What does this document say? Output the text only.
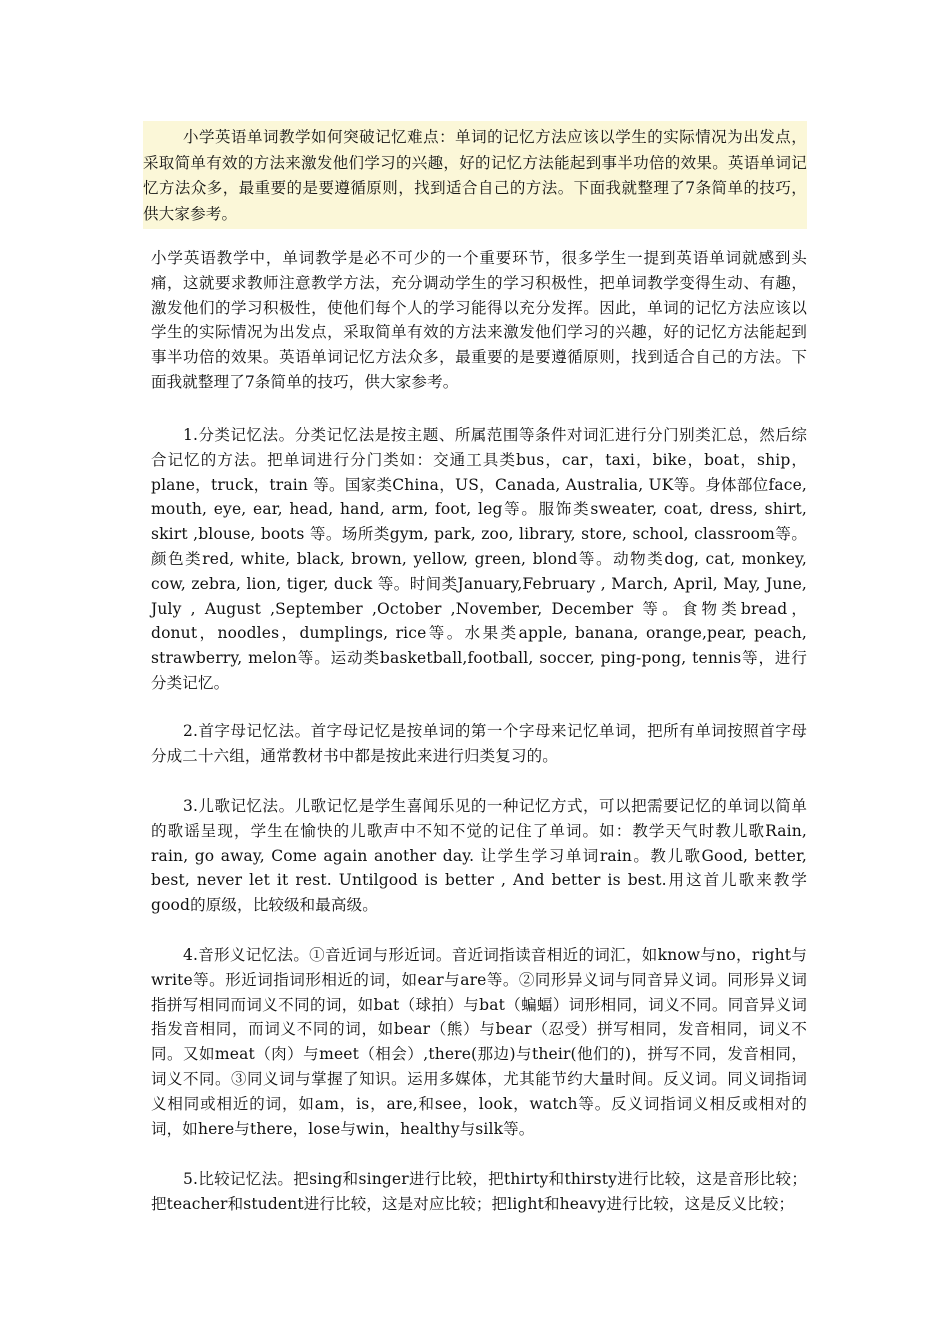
小学英语单词教学如何突破记忆难点：单词的记忆方法应该以学生的实际情况为出发点，采取简单有效的方法来激发他们学习的兴趣，好的记忆方法能起到事半功倍的效果。英语单词记忆方法众多，最重要的是要遵循原则，找到适合自己的方法。下面我就整理了7条简单的技巧，供大家参考。

小学英语教学中，单词教学是必不可少的一个重要环节，很多学生一提到英语单词就感到头痛，这就要求教师注意教学方法，充分调动学生的学习积极性，把单词教学变得生动、有趣，激发他们的学习积极性，使他们每个人的学习能得以充分发挥。因此，单词的记忆方法应该以学生的实际情况为出发点，采取简单有效的方法来激发他们学习的兴趣，好的记忆方法能起到事半功倍的效果。英语单词记忆方法众多，最重要的是要遵循原则，找到适合自己的方法。下面我就整理了7条简单的技巧，供大家参考。

1.分类记忆法。分类记忆法是按主题、所属范围等条件对词汇进行分门别类汇总，然后综合记忆的方法。把单词进行分门类如：交通工具类bus，car，taxi，bike，boat，ship，plane，truck，train 等。国家类China，US，Canada, Australia, UK等。身体部位face, mouth, eye, ear, head, hand, arm, foot, leg等。服饰类sweater, coat, dress, shirt, skirt ,blouse, boots 等。场所类gym, park, zoo, library, store, school, classroom等。颜色类red, white, black, brown, yellow, green, blond等。动物类dog, cat, monkey, cow, zebra, lion, tiger, duck 等。时间类January,February , March, April, May, June, July , August ,September ,October ,November, December 等。食物类bread，donut，noodles，dumplings, rice等。水果类apple, banana, orange,pear, peach, strawberry, melon等。运动类basketball,football, soccer, ping-pong, tennis等，进行分类记忆。

2.首字母记忆法。首字母记忆是按单词的第一个字母来记忆单词，把所有单词按照首字母分成二十六组，通常教材书中都是按此来进行归类复习的。

3.儿歌记忆法。儿歌记忆是学生喜闻乐见的一种记忆方式，可以把需要记忆的单词以简单的歌谣呈现，学生在愉快的儿歌声中不知不觉的记住了单词。如：教学天气时教儿歌Rain, rain, go away, Come again another day. 让学生学习单词rain。教儿歌Good, better, best, never let it rest. Untilgood is better , And better is best.用这首儿歌来教学good的原级，比较级和最高级。

4.音形义记忆法。①音近词与形近词。音近词指读音相近的词汇，如know与no，right与write等。形近词指词形相近的词，如ear与are等。②同形异义词与同音异义词。同形异义词指拼写相同而词义不同的词，如bat（球拍）与bat（蝙蝠）词形相同，词义不同。同音异义词指发音相同，而词义不同的词，如bear（熊）与bear（忍受）拼写相同，发音相同，词义不同。又如meat（肉）与meet（相会）,there(那边)与their(他们的)，拼写不同，发音相同，词义不同。③同义词与掌握了知识。运用多媒体，尤其能节约大量时间。反义词。同义词指词义相同或相近的词，如am，is，are,和see，look，watch等。反义词指词义相反或相对的词，如here与there，lose与win，healthy与silk等。

5.比较记忆法。把sing和singer进行比较，把thirty和thirsty进行比较，这是音形比较；把teacher和student进行比较，这是对应比较；把light和heavy进行比较，这是反义比较；
